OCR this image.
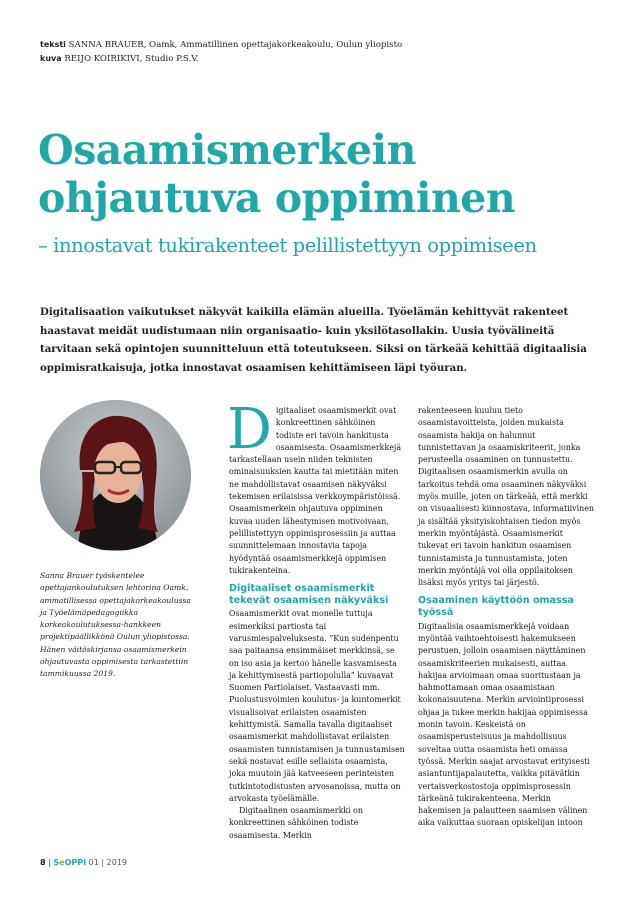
teksti SANNA BRAUER, Oamk, Ammatillinen opettajakorkeakoulu, Oulun yliopisto
kuva REIJO KOIRIKIVI, Studio P.S.V.
Osaamismerkein
ohjautuva oppiminen
– innostavat tukirakenteet pelillistettyyn oppimiseen

Digitalisaation vaikutukset näkyvät kaikilla elämän alueilla. Työelämän kehittyvät rakenteet haastavat meidät uudistumaan niin organisaatio- kuin yksilötasollakin. Uusia työvälineitä tarvitaan sekä opintojen suunnitteluun että toteutukseen. Siksi on tärkeää kehittää digitaalisia oppimisratkaisuja, jotka innostavat osaamisen kehittämiseen läpi työuran.

Sanna Brauer työskentelee opettajankoulutuksen lehtorina Oamk, ammatillisessa opettajakorkeakoulussa ja Työelämäpedagogiikka korkeakoulutuksessa-hankkeen projektipäällikkönä Oulun yliopistossa. Hänen väitöskirjansa osaamismerkein ohjautuvasta oppimisesta tarkastettiin tammikuussa 2019.

Digitaaliset osaamismerkit ovat konkreettinen sähköinen todiste eri tavoin hankitusta osaamisesta. Osaamismerkkejä tarkastellaan usein niiden teknisten ominaisuuksien kautta tai mietitään miten ne mahdollistavat osaamisen näkyväksi tekemisen erilaisissa verkkoympäristöissä. Osaamismerkein ohjautuva oppiminen kuvaa uuden lähestymisen motivoivaan, pelillistettyyn oppimisprosessiin ja auttaa suunnittelemaan innostavia tapoja hyödyntää osaamismerkkejä oppimisen tukirakenteina.

Digitaaliset osaamismerkit tekevät osaamisen näkyväksi

Osaamismerkit ovat monelle tuttuja esimerkiksi partiosta tai varusmiespalveluksesta. ”Kun sudenpentu saa paitaansa ensimmäiset merkkinsä, se on iso asia ja kertoo hänelle kasvamisesta ja kehittymisestä partiopolulla” kuvaavat Suomen Partiolaiset. Vastaavasti mm. Puolustusvoimien koulutus- ja kuntomerkit visualisoivat erilaisten osaamisten kehittymistä. Samalla tavalla digitaaliset osaamismerkit mahdollistavat erilaisten osaamisten tunnistamisen ja tunnustamisen sekä nostavat esille sellaista osaamista, joka muutoin jää katveeseen perinteisten tutkintotodistusten arvosanoissa, mutta on arvokasta työelämälle.

Digitaalinen osaamismerkki on konkreettinen sähköinen todiste osaamisesta. Merkin

rakenteeseen kuuluu tieto osaamistavoitteista, joiden mukaista osaamista hakija on halunnut tunnistettavan ja osaamiskriteerit, jonka perusteella osaaminen on tunnustettu. Digitaalisen osaamismerkin avulla on tarkoitus tehdä oma osaaminen näkyväksi myös muille, joten on tärkeää, että merkki on visuaalisesti kiinnostava, informatiivinen ja sisältää yksityiskohtaisen tiedon myös merkin myöntäjästä. Osaamismerkit tukevat eri tavoin hankitun osaamisen tunnistamista ja tunnustamista, joten merkin myöntäjä voi olla oppilaitoksen lisäksi myös yritys tai järjestö.

Osaaminen käyttöön omassa työssä

Digitaalisia osaamismerkkejä voidaan myöntää vaihtoehtoisesti hakemukseen perustuen, jolloin osaamisen näyttäminen osaamiskriteerien mukaisesti, auttaa hakijaa arvioimaan omaa suoritustaan ja hahmottamaan omaa osaamistaan kokonaisuutena. Merkin arviointiprosessi ohjaa ja tukee merkin hakijaa oppimisessa monin tavoin. Keskeistä on osaamisperusteisuus ja mahdollisuus soveltaa uutta osaamista heti omassa työssä. Merkin saajat arvostavat erityisesti asiantuntijapalautetta, vaikka pitävätkin vertaisverkostostoja oppimisprosessin tärkeänä tukirakenteena. Merkin hakemisen ja palautteen saamisen välinen aika vaikuttaa suoraan opiskelijan intoon

8 | SeOPPI 01 | 2019
